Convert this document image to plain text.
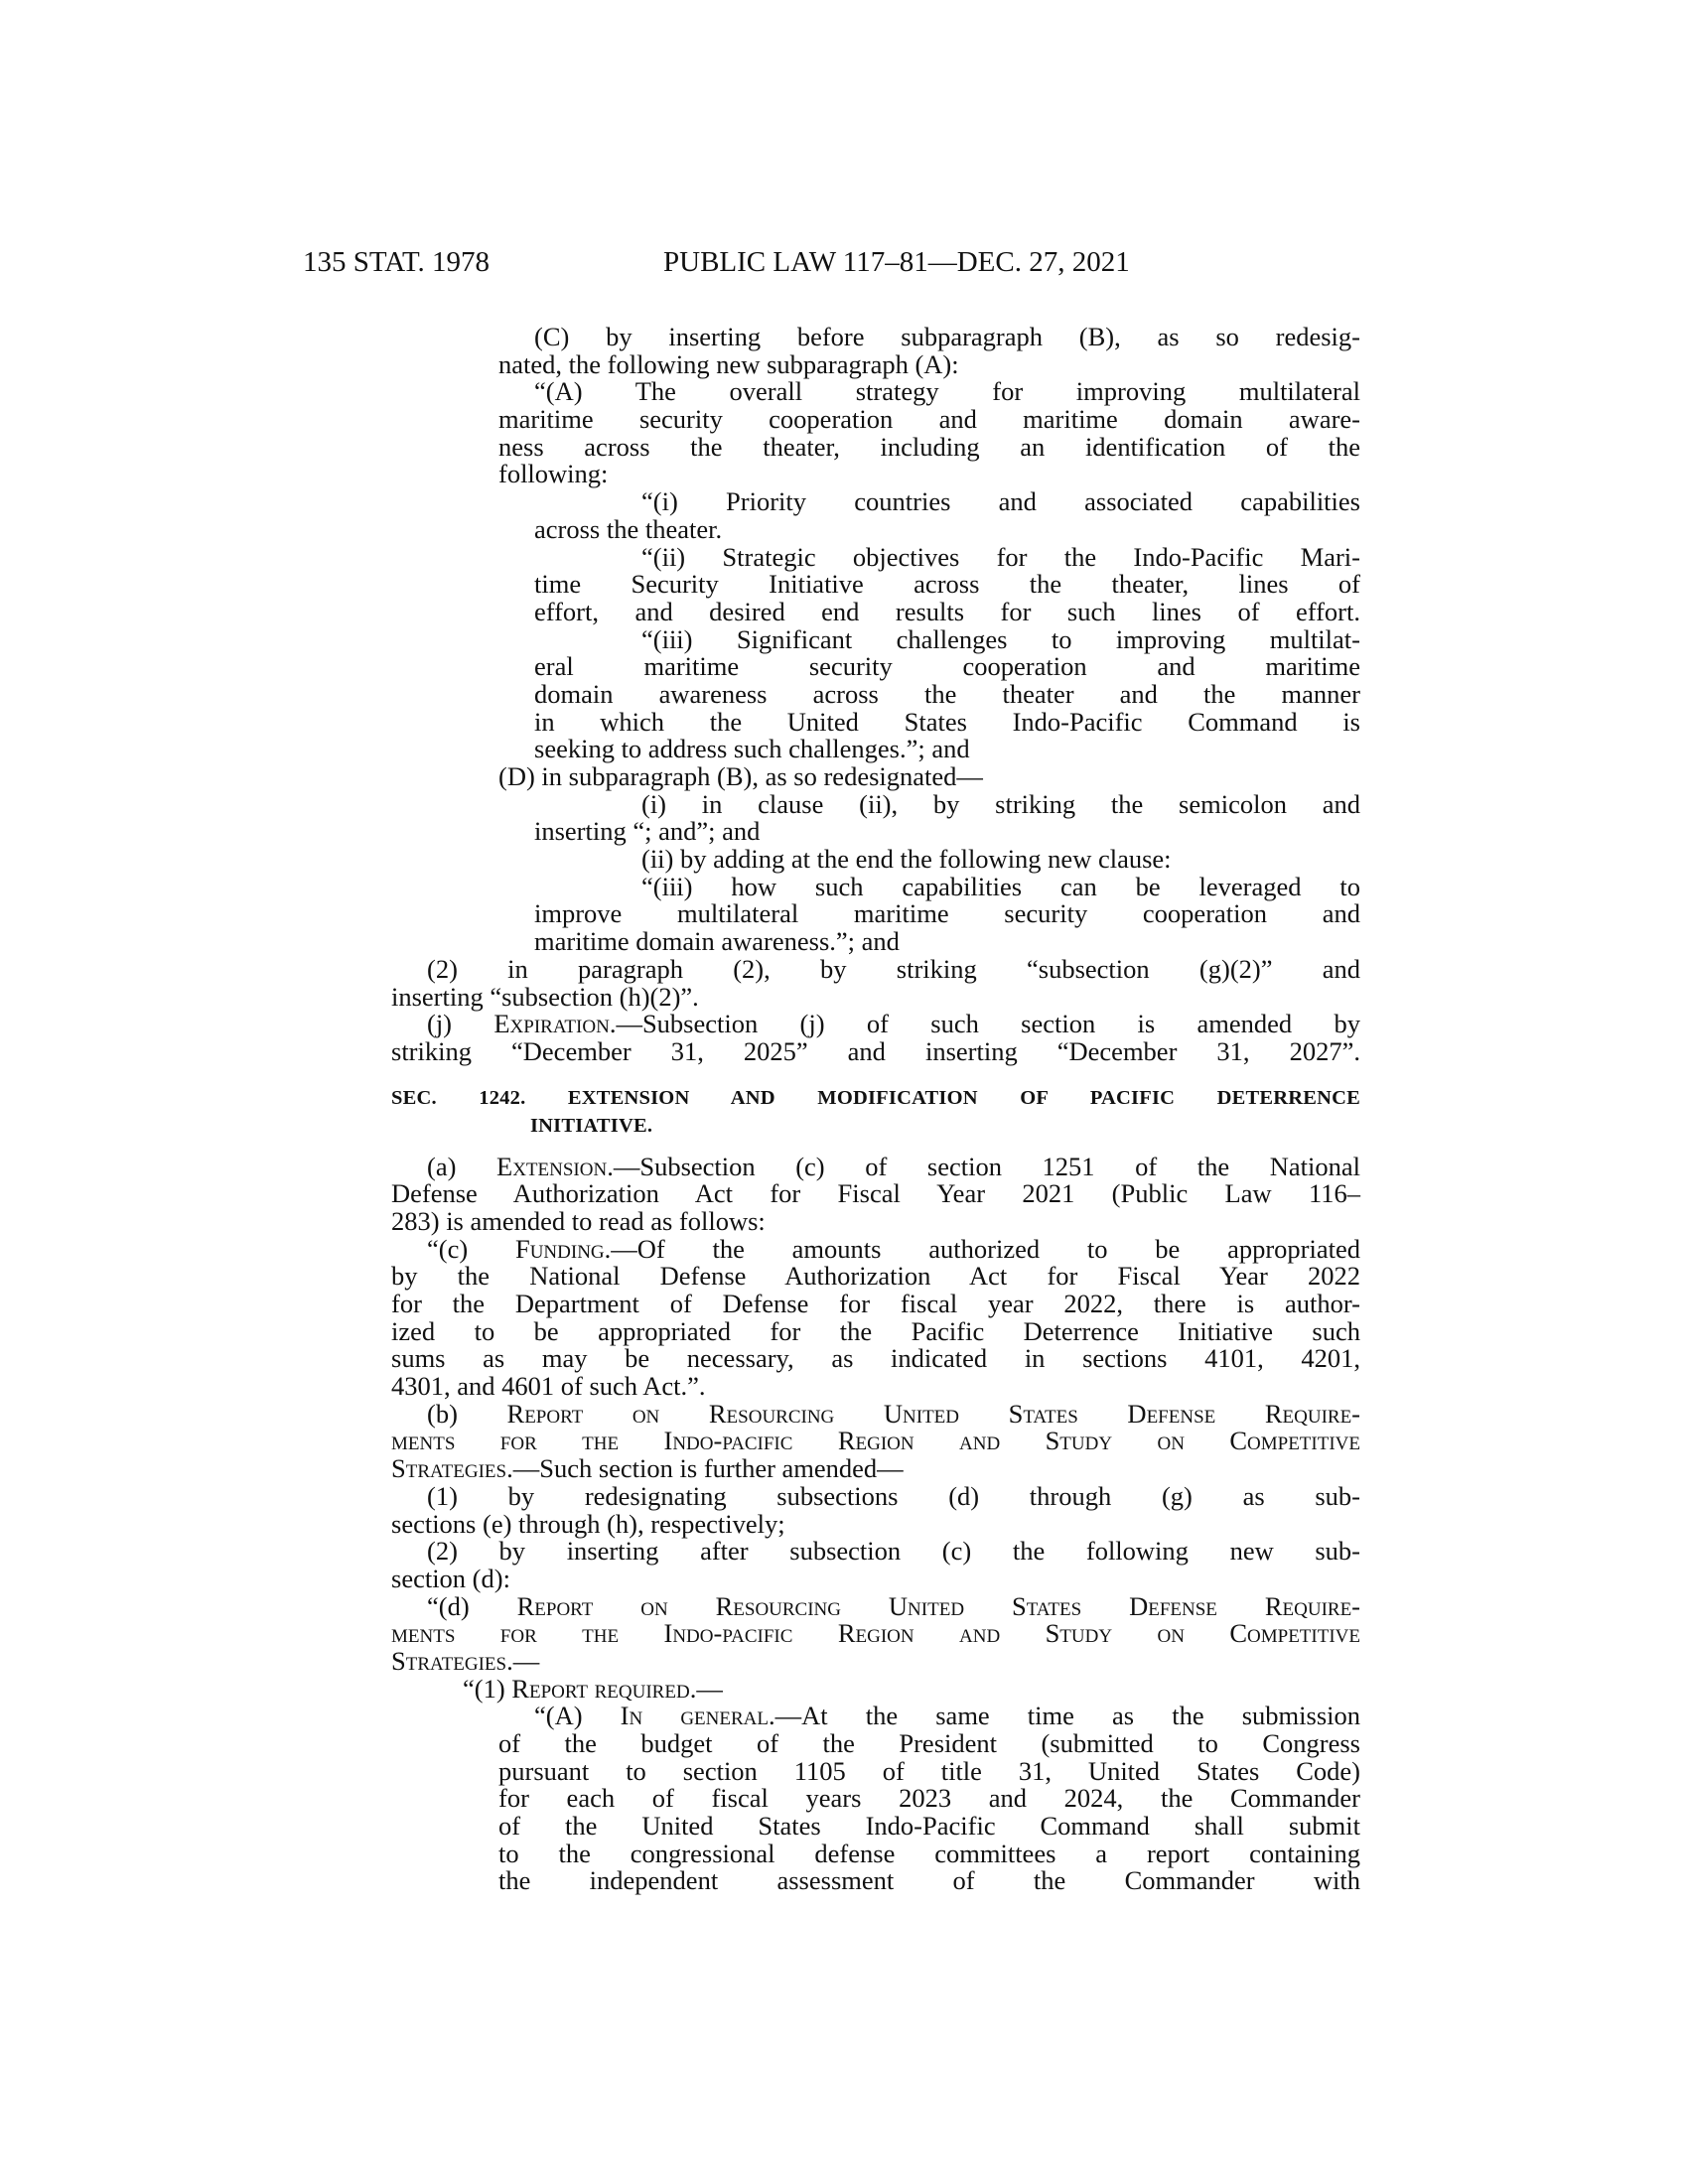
135 STAT. 1978	PUBLIC LAW 117–81—DEC. 27, 2021
(C) by inserting before subparagraph (B), as so redesig-
nated, the following new subparagraph (A):
“(A) The overall strategy for improving multilateral
maritime security cooperation and maritime domain aware-
ness across the theater, including an identification of the
following:
“(i) Priority countries and associated capabilities
across the theater.
“(ii) Strategic objectives for the Indo-Pacific Mari-
time Security Initiative across the theater, lines of
effort, and desired end results for such lines of effort.
“(iii) Significant challenges to improving multilat-
eral maritime security cooperation and maritime
domain awareness across the theater and the manner
in which the United States Indo-Pacific Command is
seeking to address such challenges.”; and
(D) in subparagraph (B), as so redesignated—
(i) in clause (ii), by striking the semicolon and
inserting “; and”; and
(ii) by adding at the end the following new clause:
“(iii) how such capabilities can be leveraged to
improve multilateral maritime security cooperation and
maritime domain awareness.”; and
(2) in paragraph (2), by striking “subsection (g)(2)” and
inserting “subsection (h)(2)”.
(j) Expiration.—Subsection (j) of such section is amended by
striking “December 31, 2025” and inserting “December 31, 2027”.
SEC. 1242. EXTENSION AND MODIFICATION OF PACIFIC DETERRENCE
INITIATIVE.
(a) Extension.—Subsection (c) of section 1251 of the National
Defense Authorization Act for Fiscal Year 2021 (Public Law 116–
283) is amended to read as follows:
“(c) Funding.—Of the amounts authorized to be appropriated
by the National Defense Authorization Act for Fiscal Year 2022
for the Department of Defense for fiscal year 2022, there is author-
ized to be appropriated for the Pacific Deterrence Initiative such
sums as may be necessary, as indicated in sections 4101, 4201,
4301, and 4601 of such Act.”.
(b) Report on Resourcing United States Defense Require-
ments for the Indo-pacific Region and Study on Competitive
Strategies.—Such section is further amended—
(1) by redesignating subsections (d) through (g) as sub-
sections (e) through (h), respectively;
(2) by inserting after subsection (c) the following new sub-
section (d):
“(d) Report on Resourcing United States Defense Require-
ments for the Indo-pacific Region and Study on Competitive
Strategies.—
“(1) Report required.—
“(A) In general.—At the same time as the submission
of the budget of the President (submitted to Congress
pursuant to section 1105 of title 31, United States Code)
for each of fiscal years 2023 and 2024, the Commander
of the United States Indo-Pacific Command shall submit
to the congressional defense committees a report containing
the independent assessment of the Commander with
